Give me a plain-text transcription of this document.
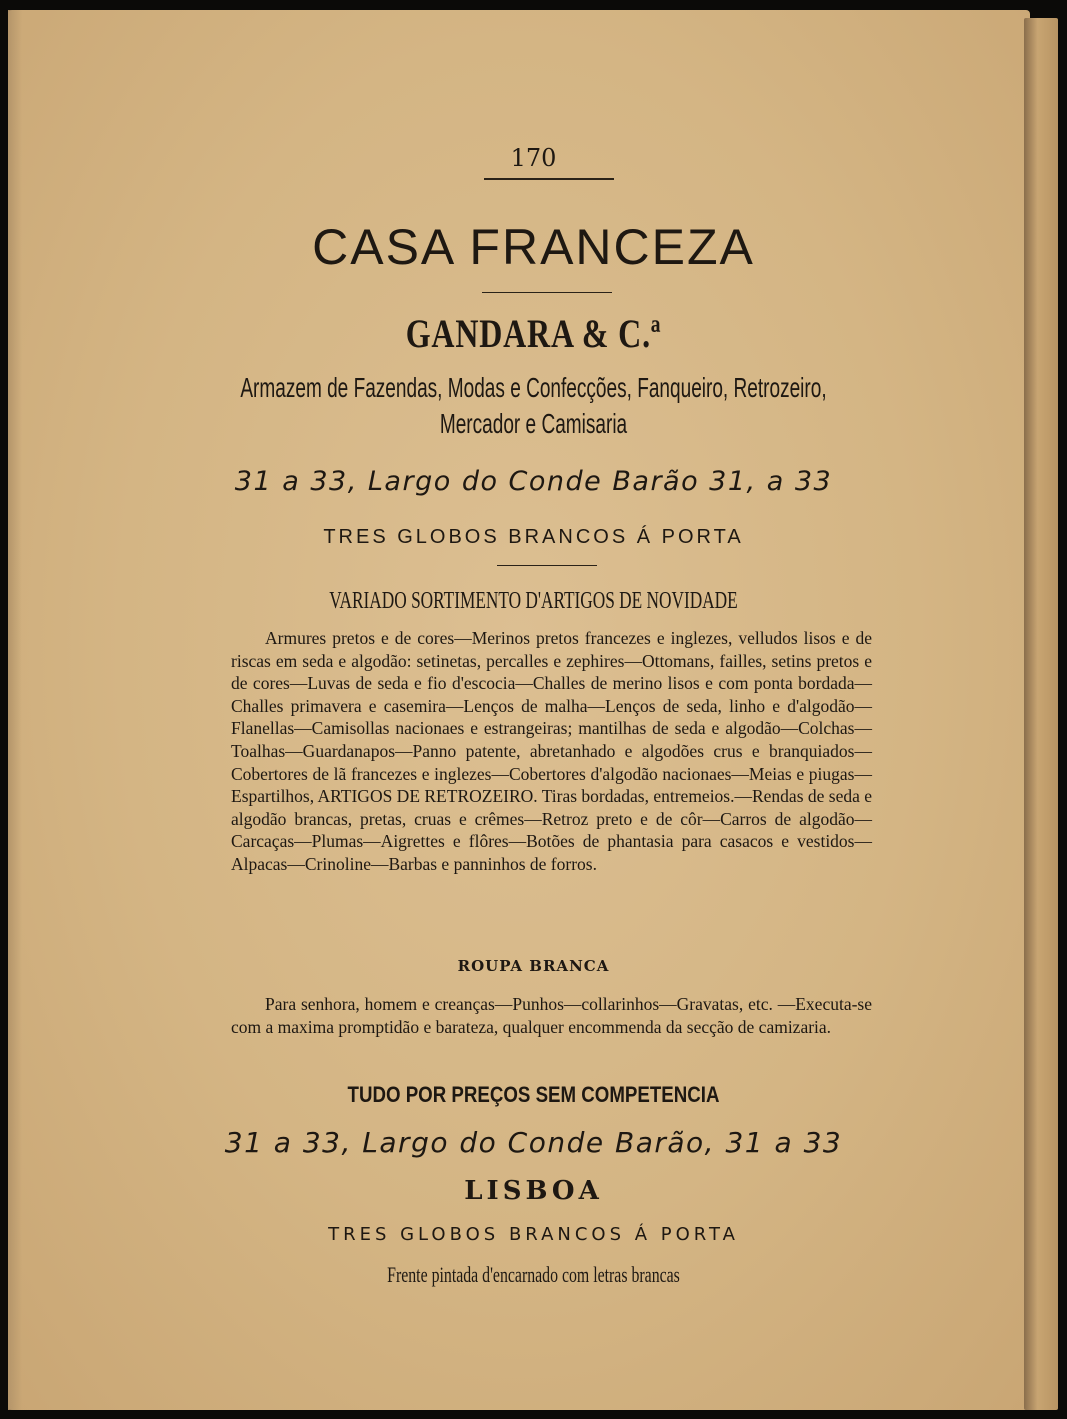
170
CASA FRANCEZA
GANDARA & C.ª
Armazem de Fazendas, Modas e Confecções, Fanqueiro, Retrozeiro,
Mercador e Camisaria
31 a 33, Largo do Conde Barão 31, a 33
TRES GLOBOS BRANCOS Á PORTA
VARIADO SORTIMENTO D'ARTIGOS DE NOVIDADE
Armures pretos e de cores—Merinos pretos francezes e inglezes, velludos lisos e de riscas em seda e algodão: setinetas, percalles e zephires—Ottomans, failles, setins pretos e de cores—Luvas de seda e fio d'escocia—Challes de merino lisos e com ponta bordada—Challes primavera e casemira—Lenços de malha—Lenços de seda, linho e d'algodão—Flanellas—Camisollas nacionaes e estrangeiras; mantilhas de seda e algodão—Colchas— Toalhas—Guardanapos—Panno patente, abretanhado e algodões crus e branquiados—Cobertores de lã francezes e inglezes—Cobertores d'algodão nacionaes—Meias e piugas—Espartilhos, ARTIGOS DE RETROZEIRO. Tiras bordadas, entremeios.—Rendas de seda e algodão brancas, pretas, cruas e crêmes—Retroz preto e de côr—Carros de algodão—Carcaças—Plumas—Aigrettes e flôres—Botões de phantasia para casacos e vestidos—Alpacas—Crinoline—Barbas e panninhos de forros.
ROUPA BRANCA
Para senhora, homem e creanças—Punhos—collarinhos—Gravatas, etc. —Executa-se com a maxima promptidão e barateza, qualquer encommenda da secção de camizaria.
TUDO POR PREÇOS SEM COMPETENCIA
31 a 33, Largo do Conde Barão, 31 a 33
LISBOA
TRES GLOBOS BRANCOS Á PORTA
Frente pintada d'encarnado com letras brancas
